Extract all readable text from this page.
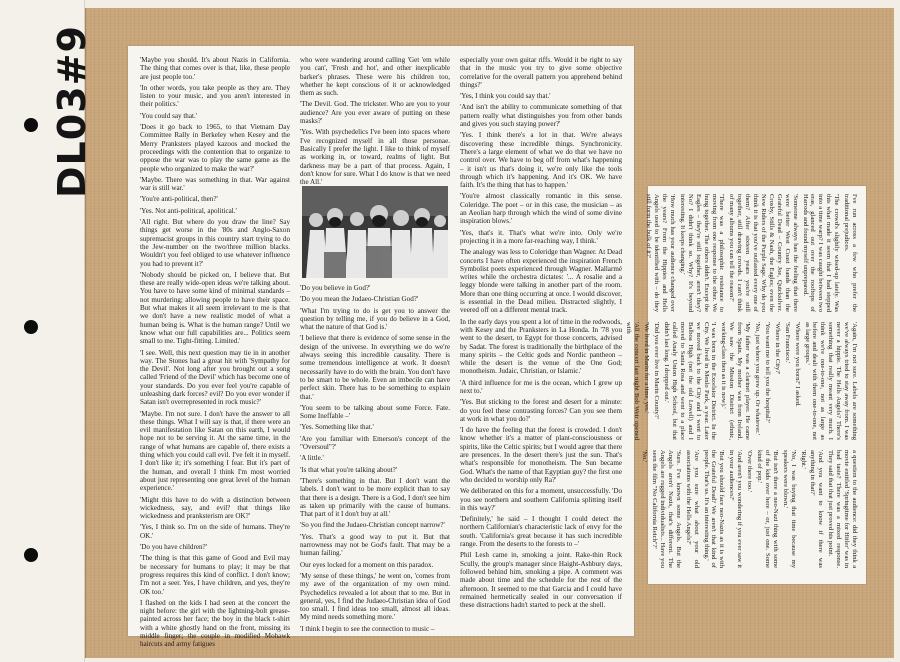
DL03#9	'Maybe you should. It's about Nazis in California. The thing that comes over is that, like, these people are just people too.'

'In other words, you take people as they are. They listen to your music, and you aren't interested in their politics.'

'You could say that.'

'Does it go back to 1965, to that Vietnam Day Committee Rally in Berkeley when Kesey and the Merry Pranksters played kazoos and mocked the proceedings with the contention that to organize to oppose the war was to play the same game as the people who organized to make the war?'

'Maybe. There was something in that. War against war is still war.'

'You're anti-political, then?'

'Yes. Not anti-political, apolitical.'

'All right. But where do you draw the line? Say things get worse in the '80s and Anglo-Saxon supremacist groups in this country start trying to do the Jew-number on the two/three million blacks. Wouldn't you feel obliged to use whatever influence you had to prevent it?'

'Nobody should be picked on, I believe that. But these are really wide-open ideas we're talking about. You have to have some kind of minimal standards – not murdering; allowing people to have their space. But what makes it all seem irrelevant to me is that we don't have a new realistic model of what a human being is. What is the human range? Until we know what our full capabilities are... Politics seem small to me. Tight-fitting. Limited.'

'I see. Well, this next question may tie in in another way. The Stones had a great hit with 'Sympathy for the Devil'. Not long after you brought out a song called 'Friend of the Devil' which has become one of your standards. Do you ever feel you're capable of unleashing dark forces? evil? Do you ever wonder if Satan isn't overrepresented in rock music?'

'Maybe. I'm not sure. I don't have the answer to all these things. What I will say is that, if there were an evil manifestation like Satan on this earth, I would hope not to be serving it. At the same time, in the range of what humans are capable of, there exists a thing which you could call evil. I've felt it in myself. I don't like it; it's something I fear. But it's part of the human, and overall I think I'm most worried about just representing one great level of the human experience.'

'Might this have to do with a distinction between wickedness, say, and evil? that things like wickedness and pranksterism are OK?'

'Yes, I think so. I'm on the side of humans. They're OK.'

'Do you have children?'

'The thing is that this game of Good and Evil may be necessary for humans to play; it may be that progress requires this kind of conflict. I don't know; I'm not a seer. Yes, I have children, and yes, they're OK too.'

I flashed on the kids I had seen at the concert the night before: the girl with the lightning-bolt grease-painted across her face; the boy in the black t-shirt with a white ghostly hand on the front, missing its middle finger; the couple in modified Mohawk haircuts and army fatigues

who were wandering around calling 'Get 'em while you can', 'Fresh and hot', and other inexplicable barker's phrases. These were his children too, whether he kept conscious of it or acknowledged them as such.

'The Devil. God. The trickster. Who are you to your audience? Are you ever aware of putting on these masks?'

'Yes. With psychedelics I've been into spaces where I've recognized myself in all those personae. Basically I prefer the light. I like to think of myself as working in, or toward, realms of light. But darkness may be a part of that process. Again, I don't know for sure. What I do know is that we need the All.'

'Do you believe in God?'

'Do you mean the Judaeo-Christian God?'

'What I'm trying to do is get you to answer the question by telling me, if you do believe in a God, what the nature of that God is.'

'I believe that there is evidence of some sense in the design of the universe. In everything we do we're always seeing this incredible causality. There is some tremendous intelligence at work. It doesn't necessarily have to do with the brain. You don't have to be smart to be whole. Even an imbecile can have perfect skin. There has to be something to explain that.'

'You seem to be talking about some Force. Fate. Some Ineffable –'

'Yes. Something like that.'

'Are you familiar with Emerson's concept of the "Oversoul"?'

'A little.'

'Is that what you're talking about?'

'There's something in that. But I don't want the labels. I don't want to be more explicit than to say that there is a design. There is a God, I don't see him as taken up primarily with the cause of humans. That part of it I don't buy at all.'

'So you find the Judaeo-Christian concept narrow?'

'Yes. That's a good way to put it. But that narrowness may not be God's fault. That may be a human failing.'

Our eyes locked for a moment on this paradox.

'My sense of these things,' he went on, 'comes from my awe of the organization of my own mind. Psychedelics revealed a lot about that to me. But in general, yes, I find the Judaeo-Christian idea of God too small. I find ideas too small, almost all ideas. My mind needs something more.'

'I think I begin to see the connection to music –

especially your own guitar riffs. Would it be right to say that in the music you try to give some objective correlative for the overall pattern you apprehend behind things?'

'Yes, I think you could say that.'

'And isn't the ability to communicate something of that pattern really what distinguishes you from other bands and gives you such staying power?'

'Yes. I think there's a lot in that. We're always discovering these incredible things. Synchronicity. There's a large element of what we do that we have no control over. We have to beg off from what's happening – it isn't us that's doing it, we're only like the tools through which it's happening. And it's OK. We have faith. It's the thing that has to happen.'

'You're almost classically romantic in this sense. Coleridge. The poet – or in this case, the musician – as an Aeolian harp through which the wind of some divine inspiration blows.'

'Yes, that's it. That's what we're into. Only we're projecting it in a more far-reaching way, I think.'

The analogy was less to Coleridge than Wagner. At Dead concerts I have often experienced the inspiration French Symbolist poets experienced through Wagner. Mallarmé writes while the orchestra dictates: '... A rosalie and a leggy blonde were talking in another part of the room. More than one thing occurring at once. I would discover, is essential in the Dead milieu. Distracted slightly, I veered off on a different mental track.

In the early days you spent a lot of time in the redwoods, with Kesey and the Pranksters in La Honda. In '78 you went to the desert, to Egypt for those concerts, advised by Sadat. The forest is traditionally the birthplace of the many spirits – the Celtic gods and Nordic pantheon – while the desert is the venue of the One God; monotheism. Judaic, Christian, or Islamic.'

'A third influence for me is the ocean, which I grew up next to.'

'Yes. But sticking to the forest and desert for a minute: do you feel these contrasting forces? Can you see them at work in what you do?'

'I do have the feeling that the forest is crowded. I don't know whether it's a matter of plant-consciousness or spirits, like the Celtic spirits; but I would agree that there are presences. In the desert there's just the sun. That's what's responsible for monotheism. The Sun became God. What's the name of that Egyptian guy? the first one who decided to worship only Ra?'

We deliberated on this for a moment, unsuccessfully. 'Do you see northern and southern California splitting itself in this way?'

'Definitely,' he said – I thought I could detect the northern Californian's characteristic lack of envy for the south. 'California's great because it has such incredible range. From the deserts to the forests to –'

Phil Lesh came in, smoking a joint. Rake-thin Rock Scully, the group's manager since Haight-Ashbury days, followed behind him, smoking a pipe. A comment was made about time and the schedule for the rest of the afternoon. It seemed to me that Garcia and I could have remained hermetically sealed in our conversation if these distractions hadn't started to peck at the shell.

I've run across a few who prefer the traditional prejudices.

'The crowd's slightly wised-up lately. Was this what made it seem that I had stepped into a time warp? I was caught between two eras, glanced out over the rooftops of Harrods and found myself unprepared.

'Someone always has the feeling that there were better West Coast bands than the Grateful Dead – Country Joe, Quicksilver. Crosby, Stills & Nash, the Eagles; even the New Riders of the Purple Sage. Why do you think it is that you've outlasted every one of them? After sixteen years you're still together, still drawing crowds. I can't think of many albums you can tell the reason?'

'There was a philosophic resistance to moving from one response to the other. We hung together. The others didn't. Except the Eagles – they're still together, aren't they? No? I didn't think so. Why? It's beyond interesting. It keeps changing.'

'How much has your audience changed over the years? From the Hippies and Hells Angels used to be identified with – do they still form the bulk of it?'

'Again, I'm not sure. Labels are something we've always tried to stay away from. I was never a hippie. The Hells Angels? There's something that really meant very much. I think we're one-to-one, not as large as before and dealt with them one-to-one, not as large groups.'

'Where were you born?' I asked.

'San Francisco.'

'Where in the City?'

'You want me to tell you the hospital?'

'No, just where you grew up. Or whatever.'

'My father was a clarinet player. He came from Spain. My mother was from Ireland. We saw the Mission District (ethnic, working-class then as it is now).'

'I was born in the Excelsior District. In the City. We lived in Menlo Park, a year. Later we moved back to the City and I went to Balboa High (not the old Lowell) and I moved to Santa Rosa and went to a place called Analy Union High School, but that didn't last long. I dropped out.'

'Did you ever live in Marin County?'

'We lived in Marin for a time, yes.'

'All the concert last night Bob Weir opened with

a question to the audience: did they think a movie entitled 'Springtime for Hitler' was in bad taste? There was a mixed response. They said that that just proved his point.

'And you want to know if there was anything in that?'

'Right.'

'No, I was buying that time because my speakers were blown.'

'But isn't there a neo-Nazi thing with some of the kids over here – or, just one. Some kind of pop.'

'Over there too.'

'And aren't you wondering if you ever saw it in your audiences?'

'But you should face neo-Nazis as it is with the Grateful Dead? We aren't that kind of people. That's us. It's an interesting thing.'

'Are you sure what about your old associations with the Hells Angels?'

'Sure. I've known some Angels. But the Angels aren't Nazis, that's different. The Angels are rugged individualists... Have you seen the film "No California Reich"?'

'No.'
